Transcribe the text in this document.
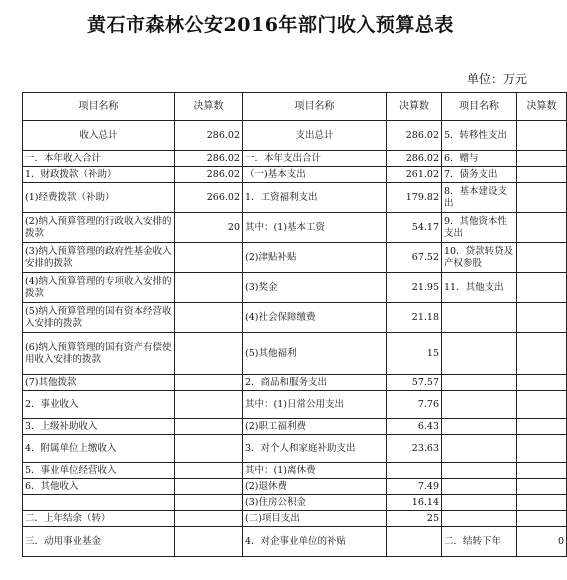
黄石市森林公安2016年部门收入预算总表
单位：万元
项目名称	决算数	项目名称	决算数	项目名称	决算数
收入总计	286.02	支出总计	286.02	5．转移性支出	
一．本年收入合计	286.02	一．本年支出合计	286.02	6．赠与	
1．财政拨款（补助）	286.02	（一)基本支出	261.02	7．债务支出	
(1)经费拨款（补助）	266.02	1．工资福利支出	179.82	8．基本建设支出	
(2)纳入预算管理的行政收入安排的拨款	20	其中：(1)基本工资	54.17	9．其他资本性支出	
(3)纳入预算管理的政府性基金收入安排的拨款		(2)津贴补贴	67.52	10．贷款转贷及产权参股	
(4)纳入预算管理的专项收入安排的拨款		(3)奖金	21.95	11．其他支出	
(5)纳入预算管理的国有资本经营收入安排的拨款		(4)社会保障缴费	21.18		
(6)纳入预算管理的国有资产有偿使用收入安排的拨款		(5)其他福利	15		
(7)其他拨款		2．商品和服务支出	57.57		
2．事业收入		其中：(1)日常公用支出	7.76		
3．上级补助收入		(2)职工福利费	6.43		
4．附属单位上缴收入		3．对个人和家庭补助支出	23.63		
5．事业单位经营收入		其中：(1)离休费			
6．其他收入		(2)退休费	7.49		
		(3)住房公积金	16.14		
二．上年结余（转）		(二)项目支出	25		
三．动用事业基金		4．对企事业单位的补贴		二．结转下年	0
